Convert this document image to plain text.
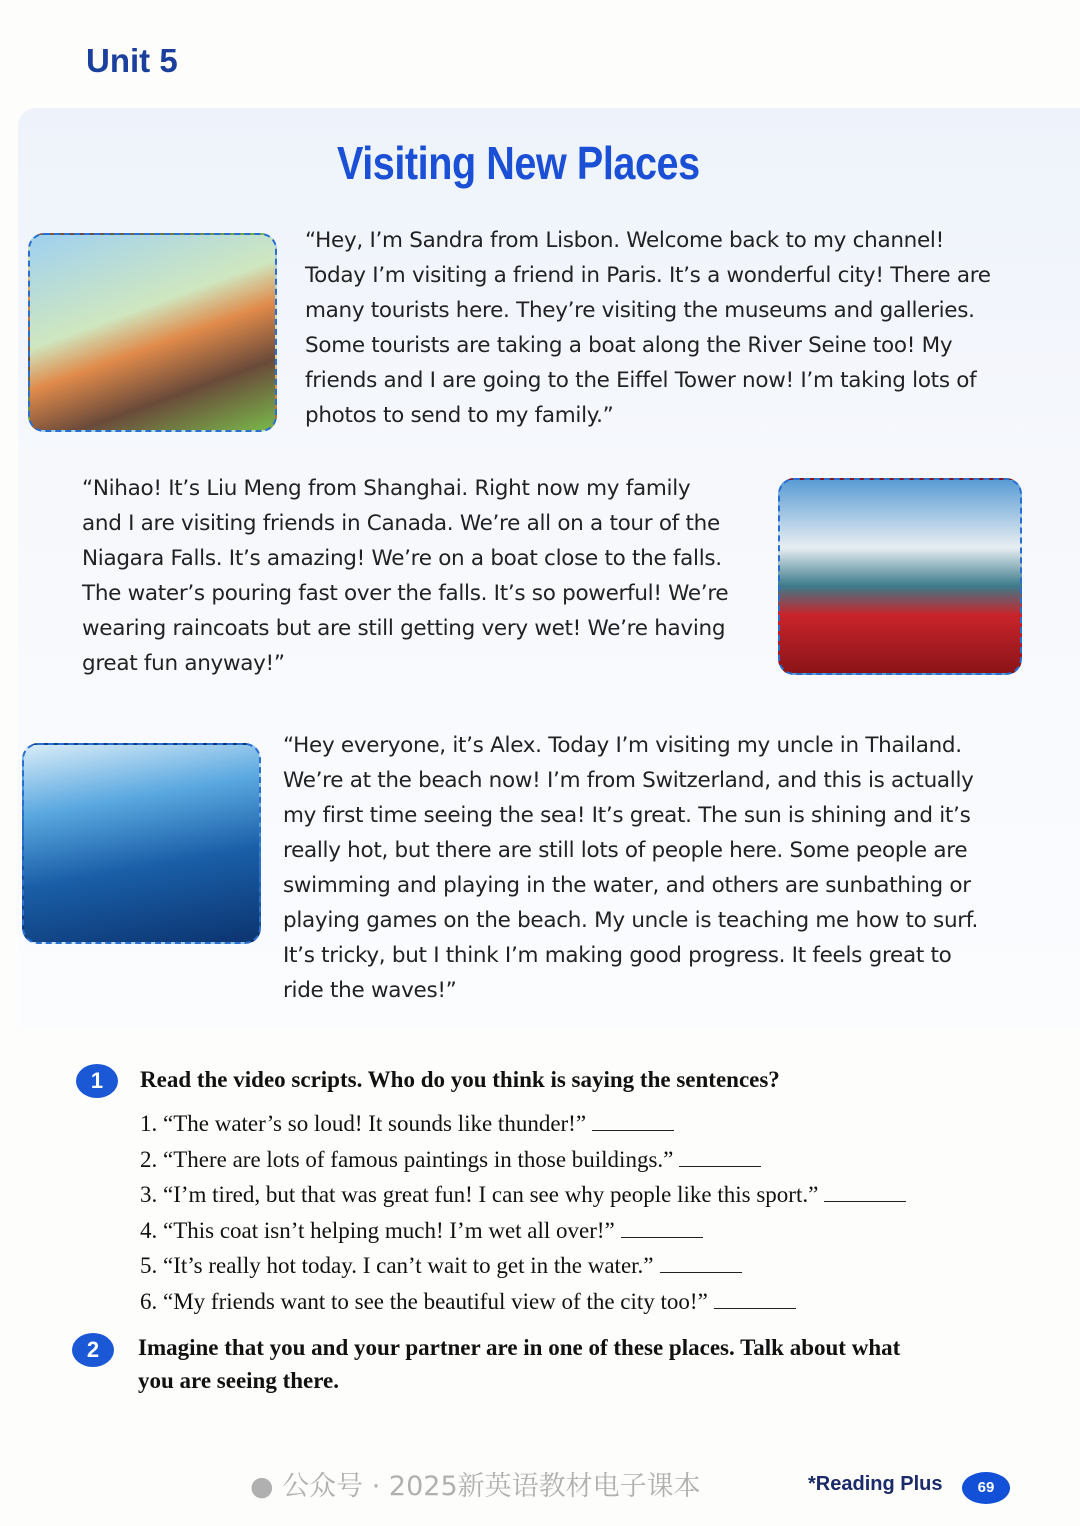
Unit 5
Visiting New Places
“Hey, I’m Sandra from Lisbon. Welcome back to my channel!
Today I’m visiting a friend in Paris. It’s a wonderful city! There are
many tourists here. They’re visiting the museums and galleries.
Some tourists are taking a boat along the River Seine too! My
friends and I are going to the Eiffel Tower now! I’m taking lots of
photos to send to my family.”
“Nihao! It’s Liu Meng from Shanghai. Right now my family
and I are visiting friends in Canada. We’re all on a tour of the
Niagara Falls. It’s amazing! We’re on a boat close to the falls.
The water’s pouring fast over the falls. It’s so powerful! We’re
wearing raincoats but are still getting very wet! We’re having
great fun anyway!”
“Hey everyone, it’s Alex. Today I’m visiting my uncle in Thailand.
We’re at the beach now! I’m from Switzerland, and this is actually
my first time seeing the sea! It’s great. The sun is shining and it’s
really hot, but there are still lots of people here. Some people are
swimming and playing in the water, and others are sunbathing or
playing games on the beach. My uncle is teaching me how to surf.
It’s tricky, but I think I’m making good progress. It feels great to
ride the waves!”
1	Read the video scripts. Who do you think is saying the sentences?
1. “The water’s so loud! It sounds like thunder!”
2. “There are lots of famous paintings in those buildings.”
3. “I’m tired, but that was great fun! I can see why people like this sport.”
4. “This coat isn’t helping much! I’m wet all over!”
5. “It’s really hot today. I can’t wait to get in the water.”
6. “My friends want to see the beautiful view of the city too!”
2	Imagine that you and your partner are in one of these places. Talk about what
you are seeing there.
● 公众号 · 2025新英语教材电子课本	*Reading Plus	69
